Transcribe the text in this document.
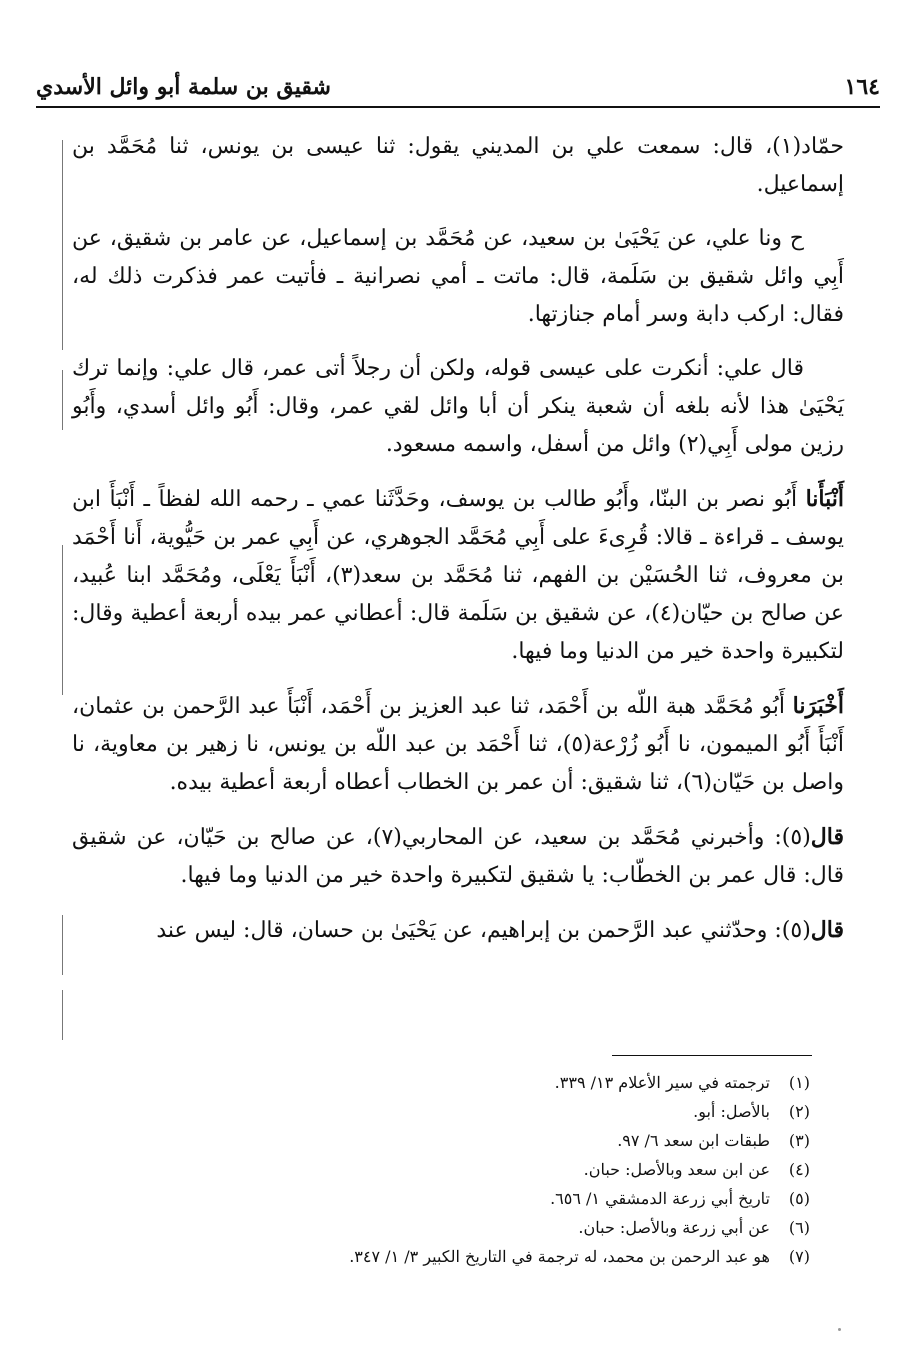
١٦٤
شقيق بن سلمة أبو وائل الأسدي

حمّاد(١)، قال: سمعت علي بن المديني يقول: ثنا عيسى بن يونس، ثنا مُحَمَّد بن إسماعيل.

ح ونا علي، عن يَحْيَىٰ بن سعيد، عن مُحَمَّد بن إسماعيل، عن عامر بن شقيق، عن أَبِي وائل شقيق بن سَلَمة، قال: ماتت ـ أمي نصرانية ـ فأتيت عمر فذكرت ذلك له، فقال: اركب دابة وسر أمام جنازتها.

قال علي: أنكرت على عيسى قوله، ولكن أن رجلاً أتى عمر، قال علي: وإنما ترك يَحْيَىٰ هذا لأنه بلغه أن شعبة ينكر أن أبا وائل لقي عمر، وقال: أَبُو وائل أسدي، وأَبُو رزين مولى أَبِي(٢) وائل من أسفل، واسمه مسعود.

أَنْبَأَنا أَبُو نصر بن البنّا، وأَبُو طالب بن يوسف، وحَدَّثَنا عمي ـ رحمه الله لفظاً ـ أَنْبَأَ ابن يوسف ـ قراءة ـ قالا: قُرِىءَ على أَبِي مُحَمَّد الجوهري، عن أَبِي عمر بن حَيُّوية، أَنا أَحْمَد بن معروف، ثنا الحُسَيْن بن الفهم، ثنا مُحَمَّد بن سعد(٣)، أَنْبَأَ يَعْلَى، ومُحَمَّد ابنا عُبيد، عن صالح بن حيّان(٤)، عن شقيق بن سَلَمة قال: أعطاني عمر بيده أربعة أعطية وقال: لتكبيرة واحدة خير من الدنيا وما فيها.

أَخْبَرَنا أَبُو مُحَمَّد هبة اللّه بن أَحْمَد، ثنا عبد العزيز بن أَحْمَد، أَنْبَأَ عبد الرَّحمن بن عثمان، أَنْبَأَ أَبُو الميمون، نا أَبُو زُرْعة(٥)، ثنا أَحْمَد بن عبد اللّه بن يونس، نا زهير بن معاوية، نا واصل بن حَيّان(٦)، ثنا شقيق: أن عمر بن الخطاب أعطاه أربعة أعطية بيده.

قال(٥): وأخبرني مُحَمَّد بن سعيد، عن المحاربي(٧)، عن صالح بن حَيّان، عن شقيق قال: قال عمر بن الخطّاب: يا شقيق لتكبيرة واحدة خير من الدنيا وما فيها.

قال(٥): وحدّثني عبد الرَّحمن بن إبراهيم، عن يَحْيَىٰ بن حسان، قال: ليس عند

(١)
ترجمته في سير الأعلام ١٣/ ٣٣٩.
(٢)
بالأصل: أبو.
(٣)
طبقات ابن سعد ٦/ ٩٧.
(٤)
عن ابن سعد وبالأصل: حبان.
(٥)
تاريخ أبي زرعة الدمشقي ١/ ٦٥٦.
(٦)
عن أبي زرعة وبالأصل: حبان.
(٧)
هو عبد الرحمن بن محمد، له ترجمة في التاريخ الكبير ٣/ ١/ ٣٤٧.
